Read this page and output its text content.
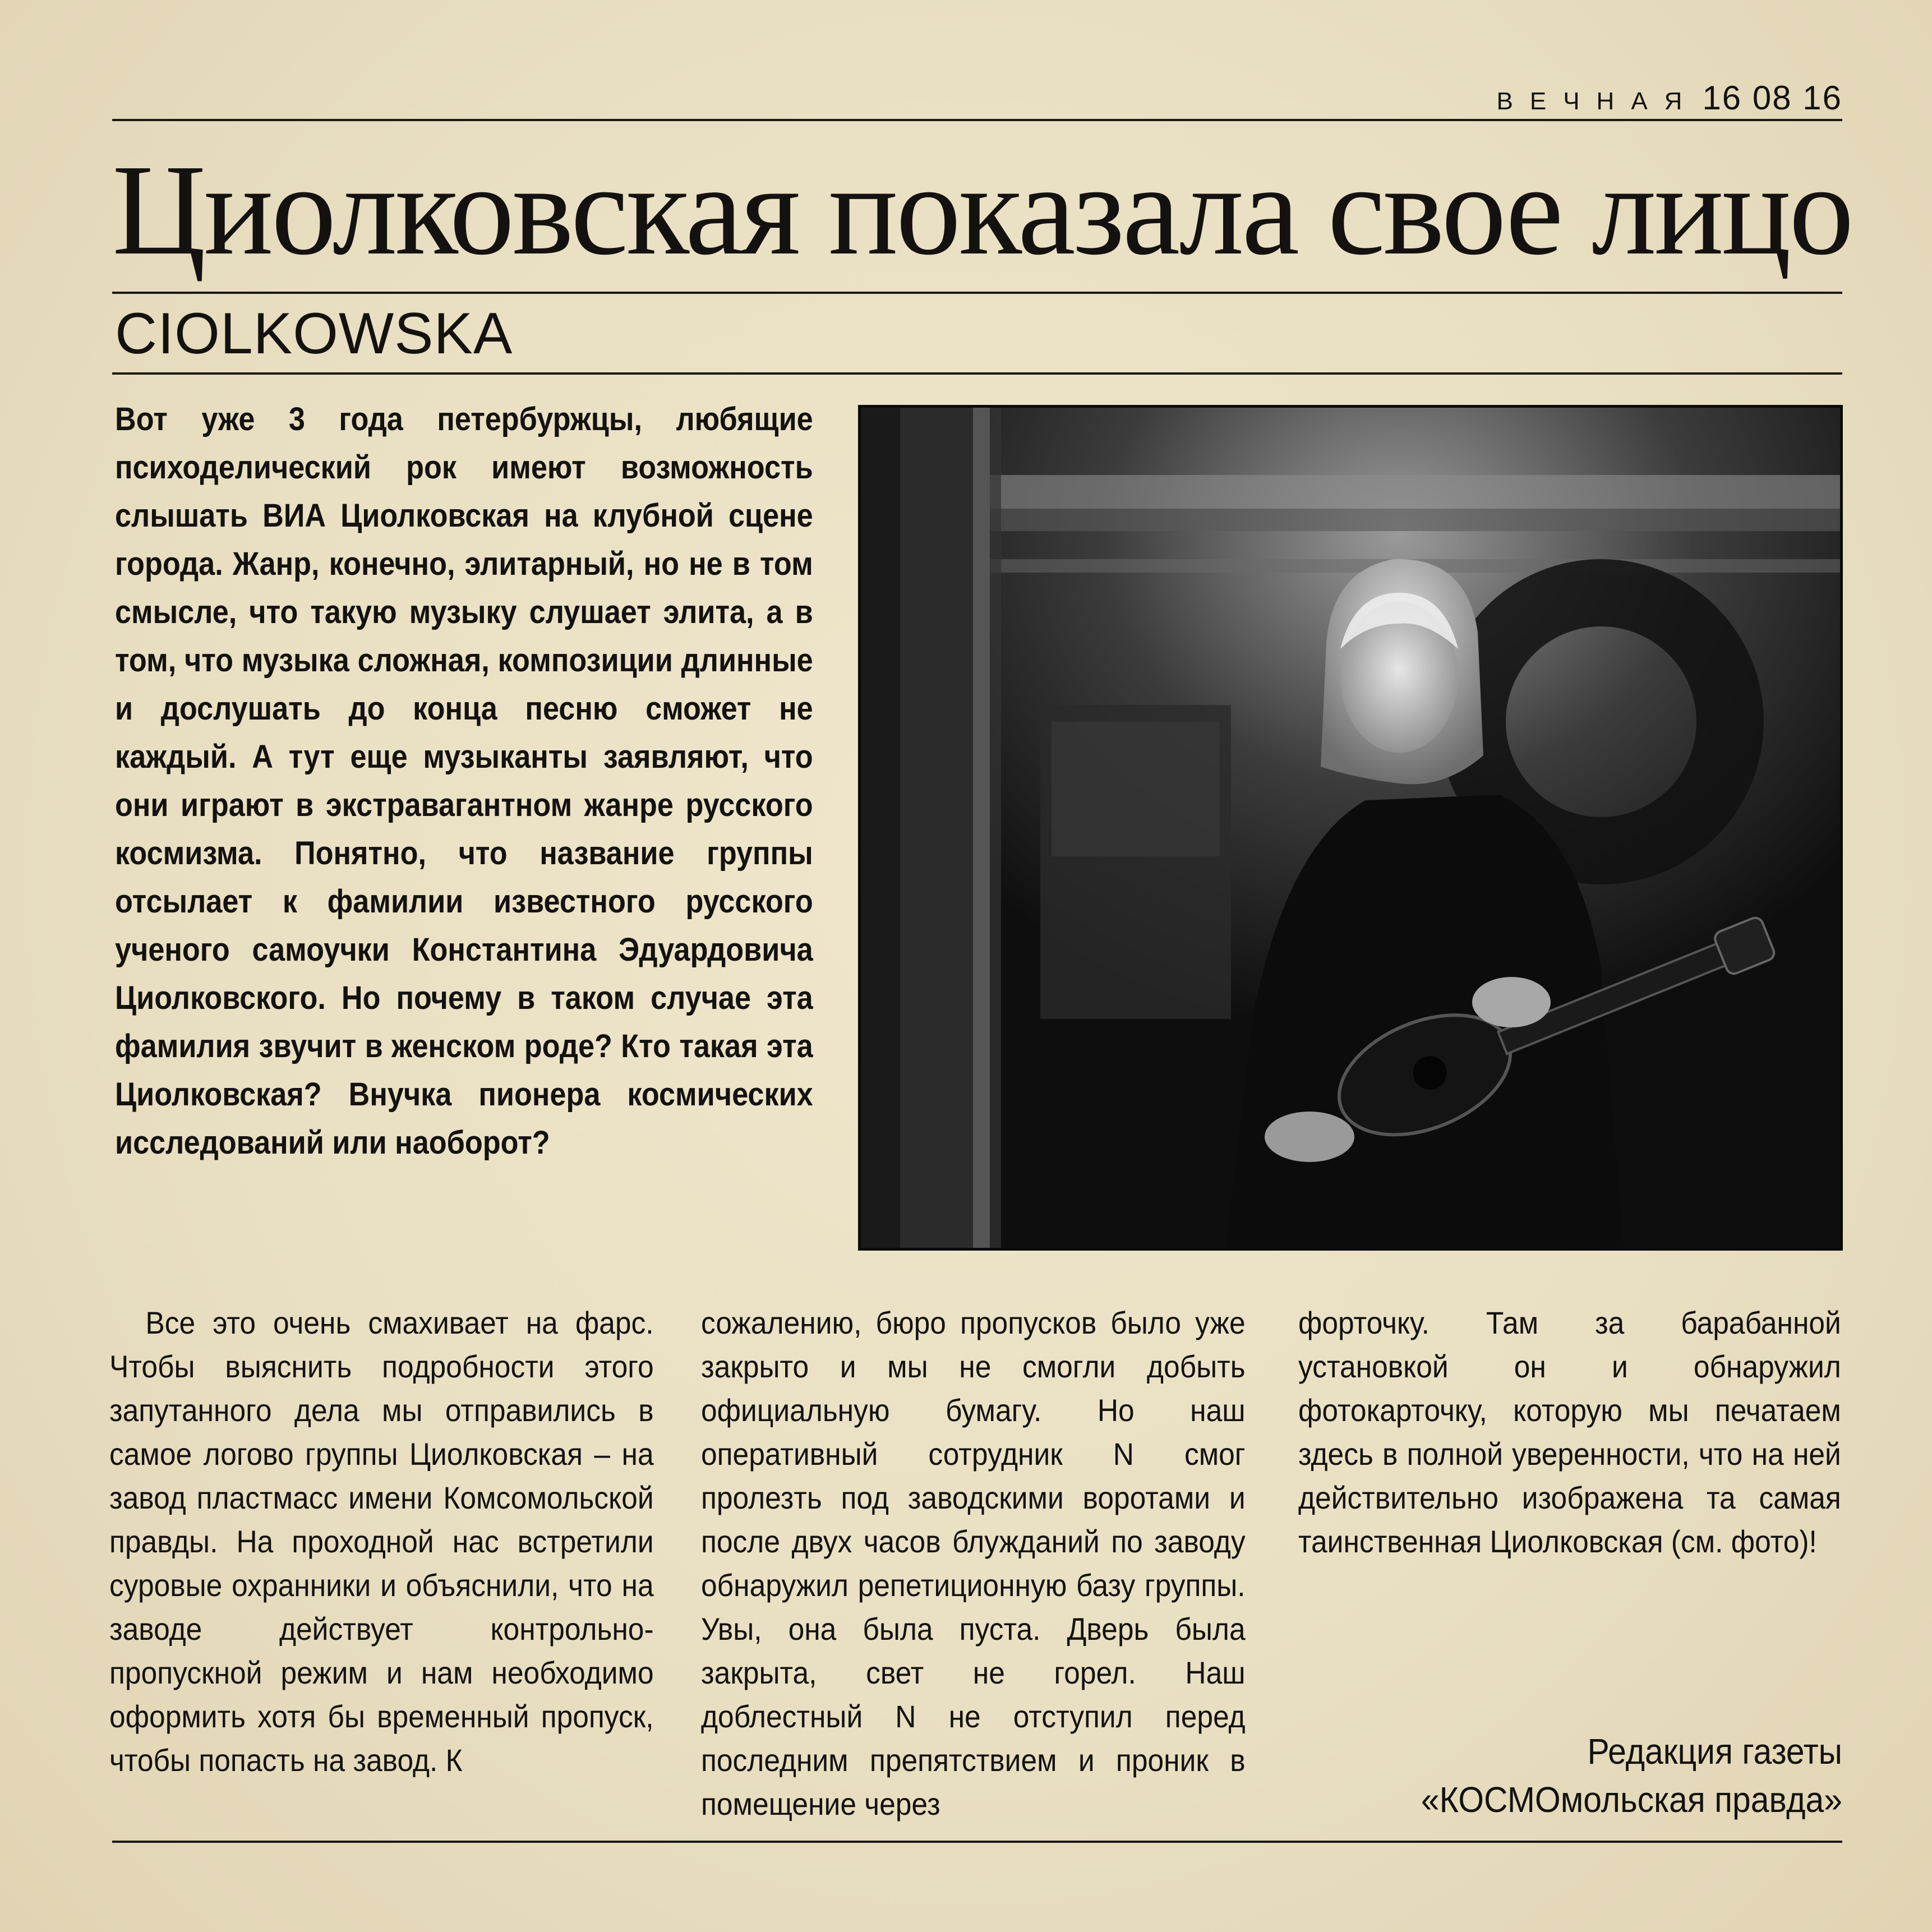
ВЕЧНАЯ 16 08 16
Циолковская показала свое лицо
CIOLKOWSKA

Вот уже 3 года петербуржцы, любящие психоделический рок имеют возможность слышать ВИА Циолковская на клубной сцене города. Жанр, конечно, элитарный, но не в том смысле, что такую музыку слушает элита, а в том, что музыка сложная, композиции длинные и дослушать до конца песню сможет не каждый. А тут еще музыканты заявляют, что они играют в экстравагантном жанре русского космизма. Понятно, что название группы отсылает к фамилии известного русского ученого самоучки Константина Эдуардовича Циолковского. Но почему в таком случае эта фамилия звучит в женском роде? Кто такая эта Циолковская? Внучка пионера космических исследований или наоборот?

Все это очень смахивает на фарс. Чтобы выяснить подробности этого запутанного дела мы отправились в самое логово группы Циолковская – на завод пластмасс имени Комсомольской правды. На проходной нас встретили суровые охранники и объяснили, что на заводе действует контрольно-пропускной режим и нам необходимо оформить хотя бы временный пропуск, чтобы попасть на завод. К

сожалению, бюро пропусков было уже закрыто и мы не смогли добыть официальную бумагу. Но наш оперативный сотрудник N смог пролезть под заводскими воротами и после двух часов блужданий по заводу обнаружил репетиционную базу группы. Увы, она была пуста. Дверь была закрыта, свет не горел. Наш доблестный N не отступил перед последним препятствием и проник в помещение через

форточку. Там за барабанной установкой он и обнаружил фотокарточку, которую мы печатаем здесь в полной уверенности, что на ней действительно изображена та самая таинственная Циолковская (см. фото)!

Редакция газеты
«КОСМОмольская правда»
